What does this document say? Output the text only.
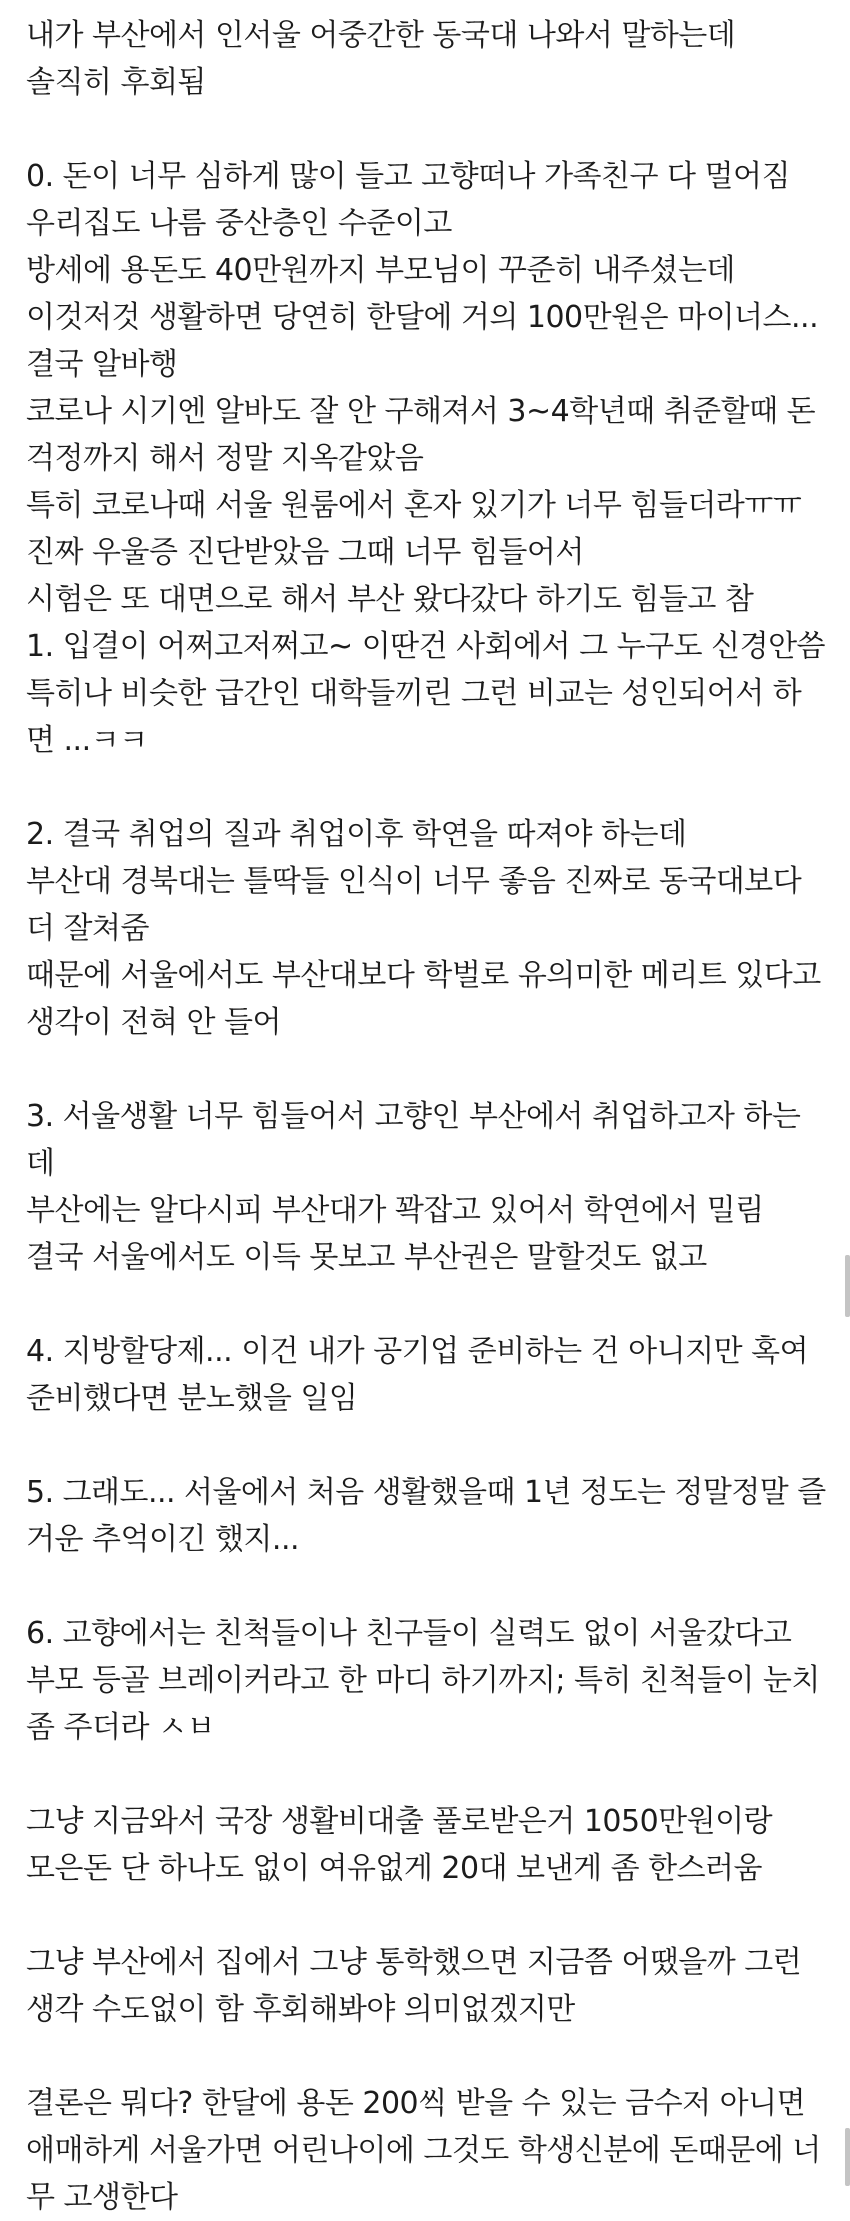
내가 부산에서 인서울 어중간한 동국대 나와서 말하는데
솔직히 후회됨
0. 돈이 너무 심하게 많이 들고 고향떠나 가족친구 다 멀어짐
우리집도 나름 중산층인 수준이고
방세에 용돈도 40만원까지 부모님이 꾸준히 내주셨는데
이것저것 생활하면 당연히 한달에 거의 100만원은 마이너스...
결국 알바행
코로나 시기엔 알바도 잘 안 구해져서 3~4학년때 취준할때 돈
걱정까지 해서 정말 지옥같았음
특히 코로나때 서울 원룸에서 혼자 있기가 너무 힘들더라ㅠㅠ
진짜 우울증 진단받았음 그때 너무 힘들어서
시험은 또 대면으로 해서 부산 왔다갔다 하기도 힘들고 참
1. 입결이 어쩌고저쩌고~ 이딴건 사회에서 그 누구도 신경안씀
특히나 비슷한 급간인 대학들끼린 그런 비교는 성인되어서 하
면 ...ㅋㅋ
2. 결국 취업의 질과 취업이후 학연을 따져야 하는데
부산대 경북대는 틀딱들 인식이 너무 좋음 진짜로 동국대보다
더 잘쳐줌
때문에 서울에서도 부산대보다 학벌로 유의미한 메리트 있다고
생각이 전혀 안 들어
3. 서울생활 너무 힘들어서 고향인 부산에서 취업하고자 하는
데
부산에는 알다시피 부산대가 꽉잡고 있어서 학연에서 밀림
결국 서울에서도 이득 못보고 부산권은 말할것도 없고
4. 지방할당제... 이건 내가 공기업 준비하는 건 아니지만 혹여
준비했다면 분노했을 일임
5. 그래도... 서울에서 처음 생활했을때 1년 정도는 정말정말 즐
거운 추억이긴 했지...
6. 고향에서는 친척들이나 친구들이 실력도 없이 서울갔다고
부모 등골 브레이커라고 한 마디 하기까지; 특히 친척들이 눈치
좀 주더라 ㅅㅂ
그냥 지금와서 국장 생활비대출 풀로받은거 1050만원이랑
모은돈 단 하나도 없이 여유없게 20대 보낸게 좀 한스러움
그냥 부산에서 집에서 그냥 통학했으면 지금쯤 어땠을까 그런
생각 수도없이 함 후회해봐야 의미없겠지만
결론은 뭐다? 한달에 용돈 200씩 받을 수 있는 금수저 아니면
애매하게 서울가면 어린나이에 그것도 학생신분에 돈때문에 너
무 고생한다
